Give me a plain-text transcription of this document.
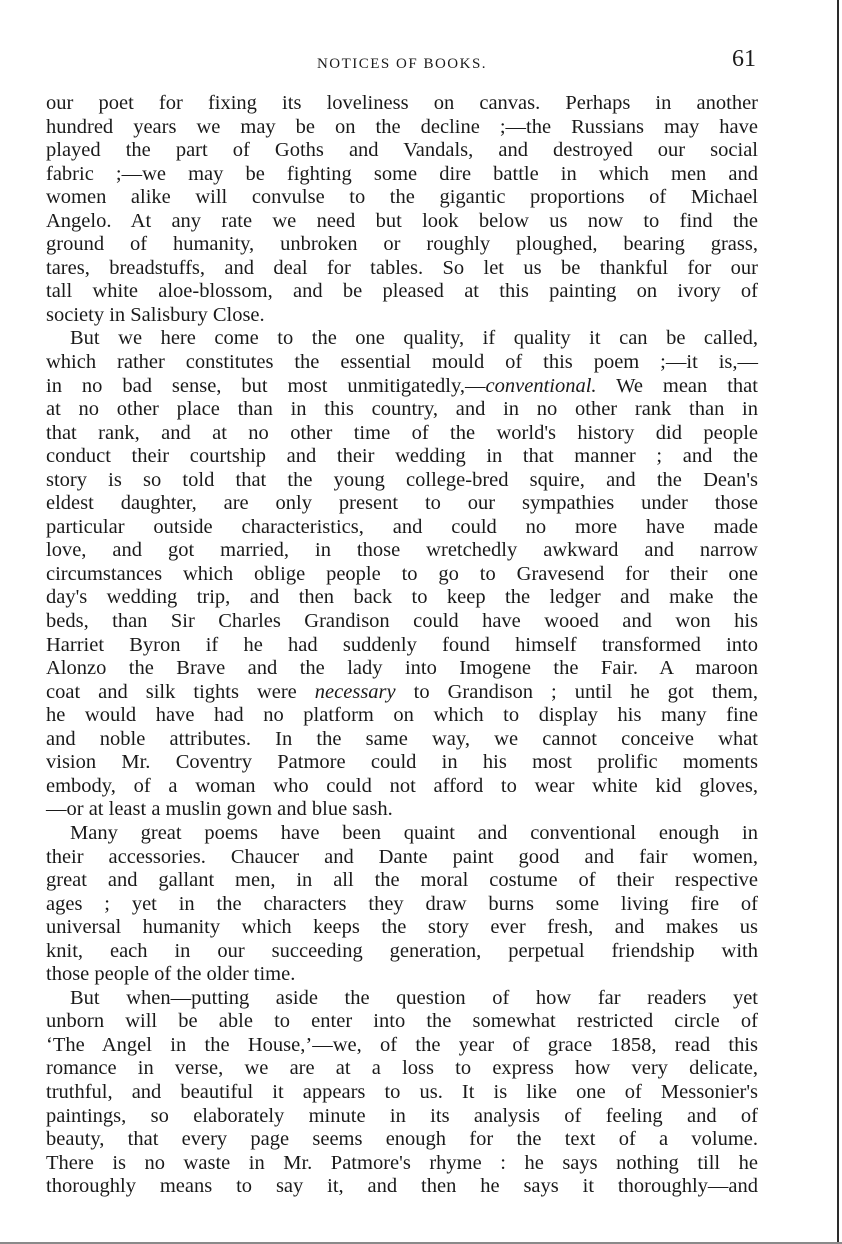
NOTICES OF BOOKS.	61
our poet for fixing its loveliness on canvas. Perhaps in another
hundred years we may be on the decline ;—the Russians may have
played the part of Goths and Vandals, and destroyed our social
fabric ;—we may be fighting some dire battle in which men and
women alike will convulse to the gigantic proportions of Michael
Angelo. At any rate we need but look below us now to find the
ground of humanity, unbroken or roughly ploughed, bearing grass,
tares, breadstuffs, and deal for tables. So let us be thankful for our
tall white aloe-blossom, and be pleased at this painting on ivory of
society in Salisbury Close.
But we here come to the one quality, if quality it can be called,
which rather constitutes the essential mould of this poem ;—it is,—
in no bad sense, but most unmitigatedly,—conventional. We mean that
at no other place than in this country, and in no other rank than in
that rank, and at no other time of the world's history did people
conduct their courtship and their wedding in that manner ; and the
story is so told that the young college-bred squire, and the Dean's
eldest daughter, are only present to our sympathies under those
particular outside characteristics, and could no more have made
love, and got married, in those wretchedly awkward and narrow
circumstances which oblige people to go to Gravesend for their one
day's wedding trip, and then back to keep the ledger and make the
beds, than Sir Charles Grandison could have wooed and won his
Harriet Byron if he had suddenly found himself transformed into
Alonzo the Brave and the lady into Imogene the Fair. A maroon
coat and silk tights were necessary to Grandison ; until he got them,
he would have had no platform on which to display his many fine
and noble attributes. In the same way, we cannot conceive what
vision Mr. Coventry Patmore could in his most prolific moments
embody, of a woman who could not afford to wear white kid gloves,
—or at least a muslin gown and blue sash.
Many great poems have been quaint and conventional enough in
their accessories. Chaucer and Dante paint good and fair women,
great and gallant men, in all the moral costume of their respective
ages ; yet in the characters they draw burns some living fire of
universal humanity which keeps the story ever fresh, and makes us
knit, each in our succeeding generation, perpetual friendship with
those people of the older time.
But when—putting aside the question of how far readers yet
unborn will be able to enter into the somewhat restricted circle of
‘The Angel in the House,’—we, of the year of grace 1858, read this
romance in verse, we are at a loss to express how very delicate,
truthful, and beautiful it appears to us. It is like one of Messonier's
paintings, so elaborately minute in its analysis of feeling and of
beauty, that every page seems enough for the text of a volume.
There is no waste in Mr. Patmore's rhyme : he says nothing till he
thoroughly means to say it, and then he says it thoroughly—and
